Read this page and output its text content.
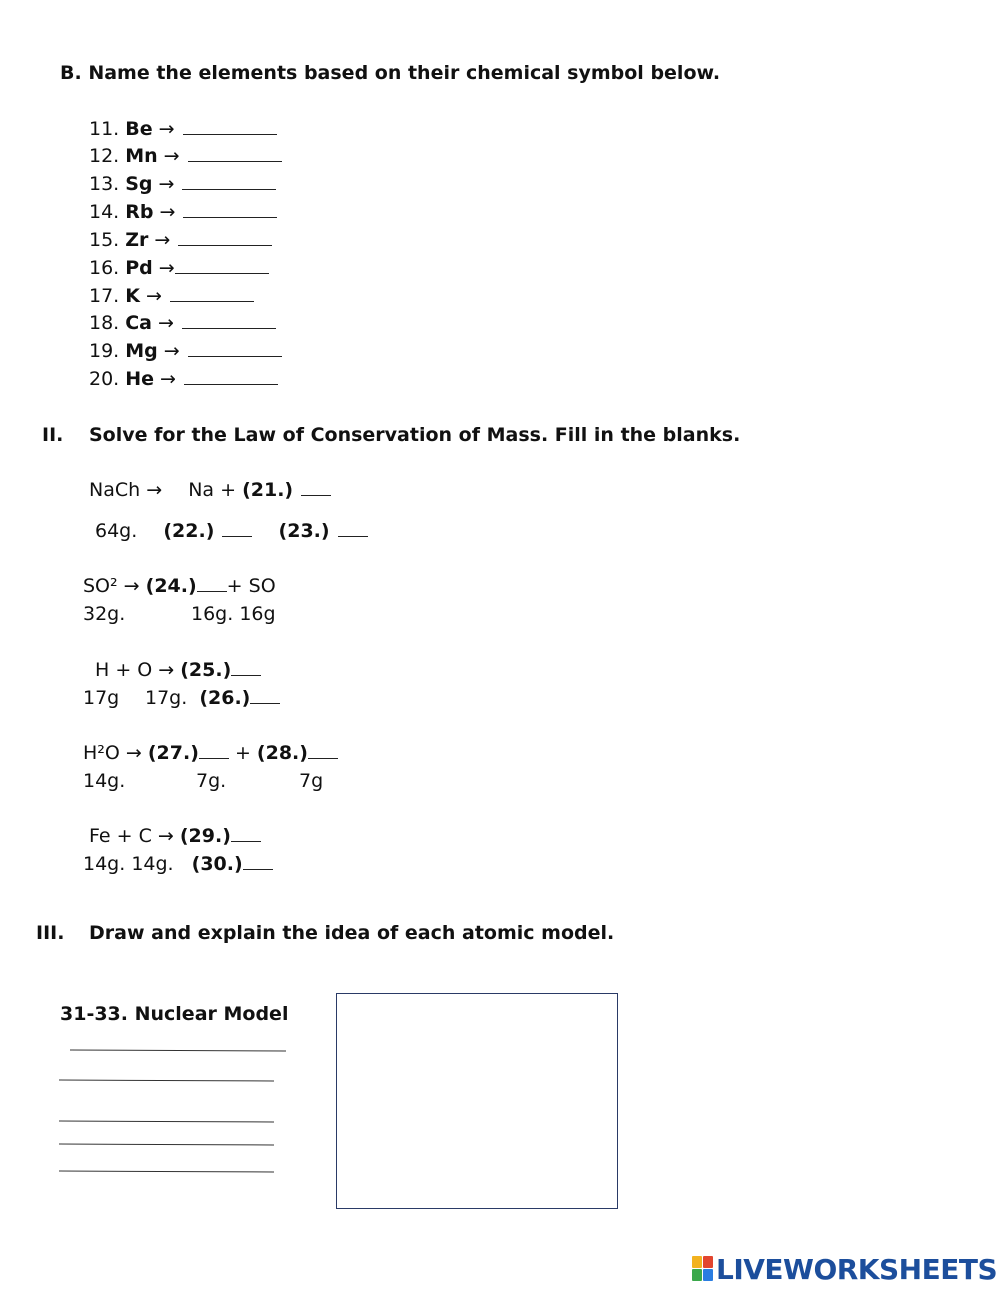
B. Name the elements based on their chemical symbol below.
11. Be →
12. Mn →
13. Sg →
14. Rb →
15. Zr →
16. Pd →
17. K →
18. Ca →
19. Mg →
20. He →
II. Solve for the Law of Conservation of Mass. Fill in the blanks.
NaCh → Na + (21.)
64g. (22.)	(23.)
SO² → (24.) + SO
32g.	16g. 16g
H + O → (25.)
17g 17g. (26.)
H²O → (27.) + (28.)
14g.	7g.	7g
Fe + C → (29.)
14g. 14g. (30.)
III. Draw and explain the idea of each atomic model.
31-33. Nuclear Model
LIVEWORKSHEETS
